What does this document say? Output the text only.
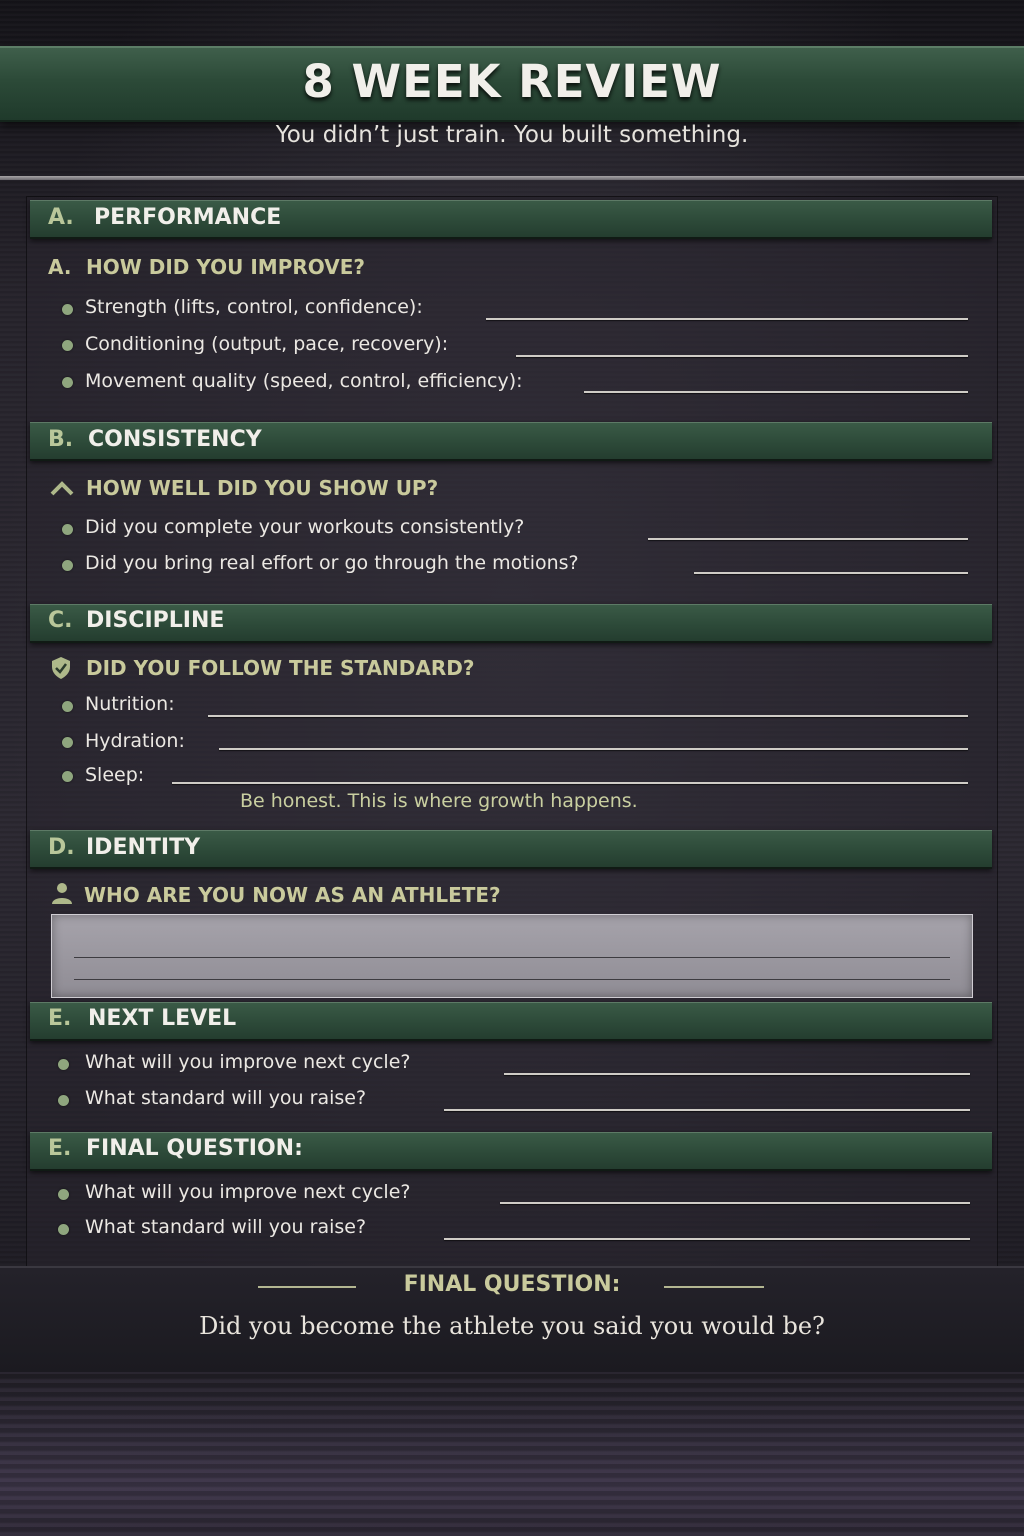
8 WEEK REVIEW
You didn’t just train. You built something.
A. PERFORMANCE
A. HOW DID YOU IMPROVE?
Strength (lifts, control, confidence):
Conditioning (output, pace, recovery):
Movement quality (speed, control, efficiency):
B. CONSISTENCY
HOW WELL DID YOU SHOW UP?
Did you complete your workouts consistently?
Did you bring real effort or go through the motions?
C. DISCIPLINE
DID YOU FOLLOW THE STANDARD?
Nutrition:
Hydration:
Sleep:
Be honest. This is where growth happens.
D. IDENTITY
WHO ARE YOU NOW AS AN ATHLETE?
E. NEXT LEVEL
What will you improve next cycle?
What standard will you raise?
E. FINAL QUESTION:
What will you improve next cycle?
What standard will you raise?
FINAL QUESTION:
Did you become the athlete you said you would be?
